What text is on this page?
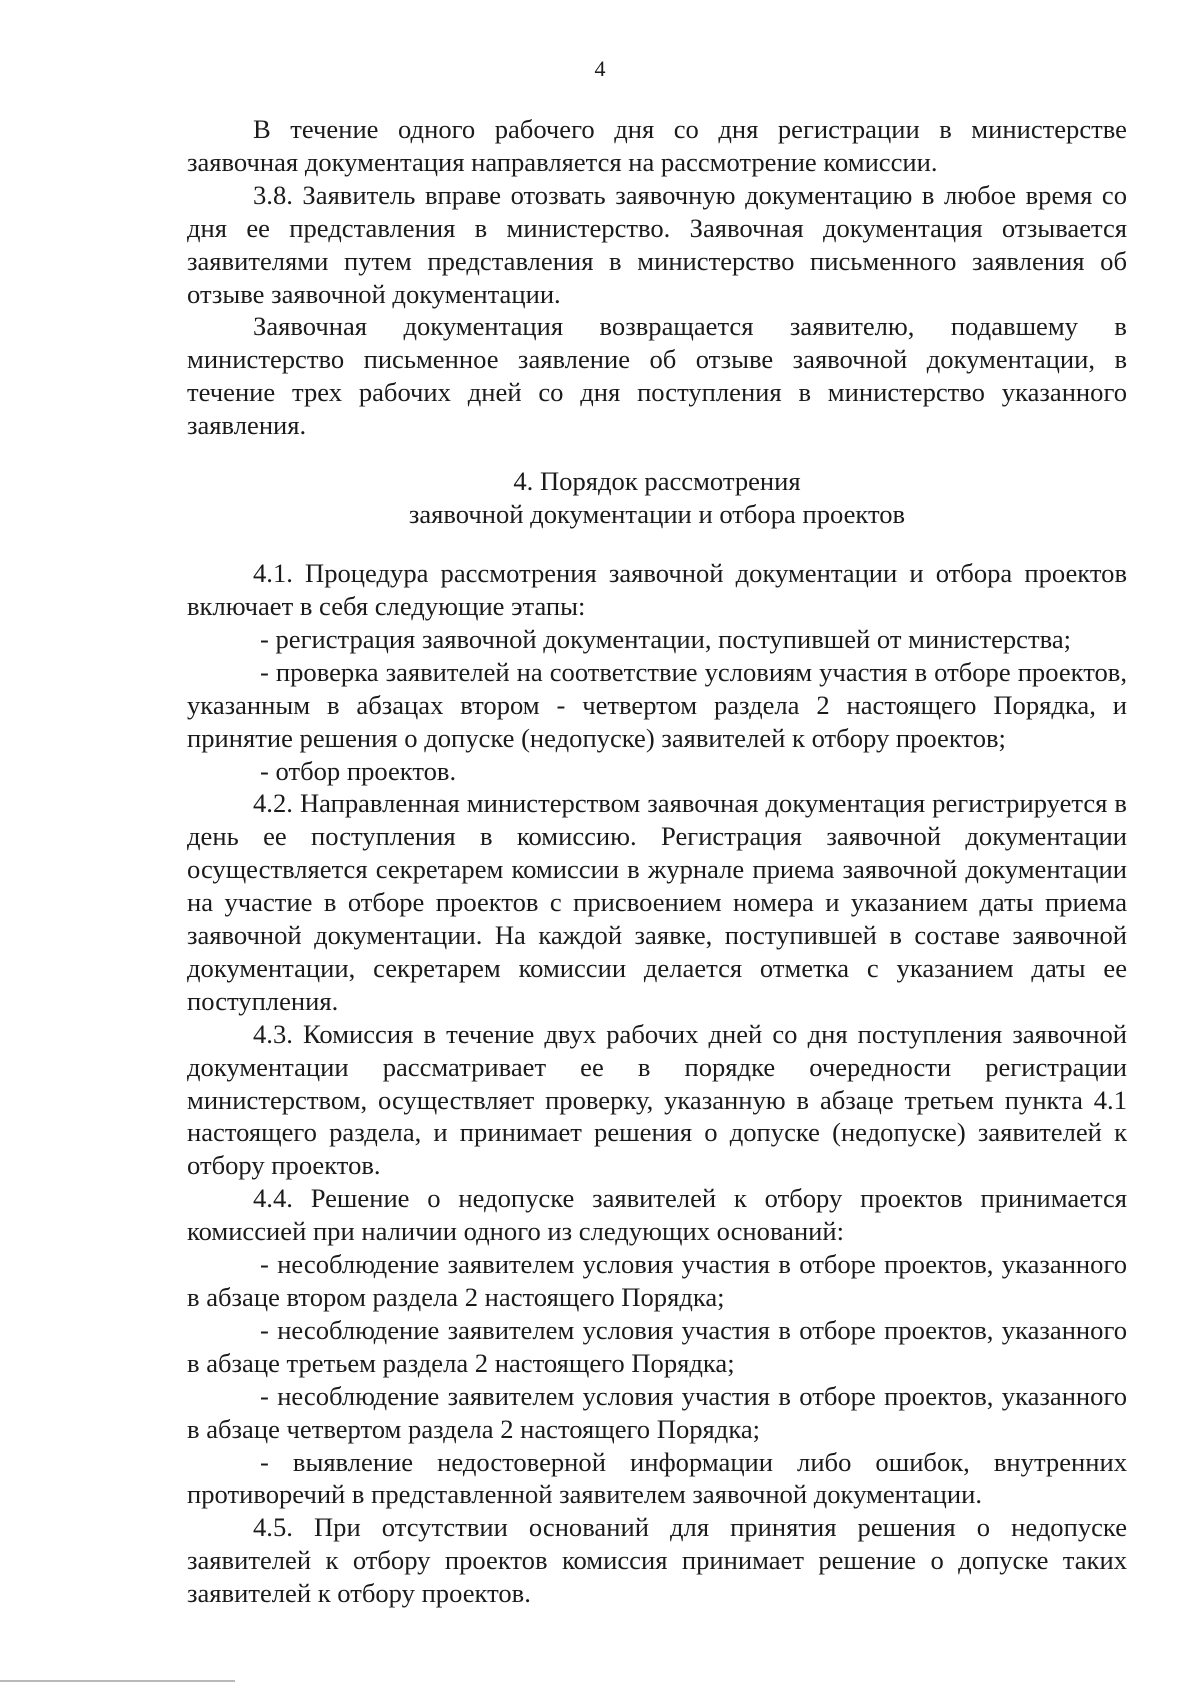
4

В течение одного рабочего дня со дня регистрации в министерстве заявочная документация направляется на рассмотрение комиссии.

3.8. Заявитель вправе отозвать заявочную документацию в любое время со дня ее представления в министерство. Заявочная документация отзывается заявителями путем представления в министерство письменного заявления об отзыве заявочной документации.

Заявочная документация возвращается заявителю, подавшему в министерство письменное заявление об отзыве заявочной документации, в течение трех рабочих дней со дня поступления в министерство указанного заявления.

4. Порядок рассмотрения

заявочной документации и отбора проектов

4.1. Процедура рассмотрения заявочной документации и отбора проектов включает в себя следующие этапы:

- регистрация заявочной документации, поступившей от министерства;

- проверка заявителей на соответствие условиям участия в отборе проектов, указанным в абзацах втором - четвертом раздела 2 настоящего Порядка, и принятие решения о допуске (недопуске) заявителей к отбору проектов;

- отбор проектов.

4.2. Направленная министерством заявочная документация регистрируется в день ее поступления в комиссию. Регистрация заявочной документации осуществляется секретарем комиссии в журнале приема заявочной документации на участие в отборе проектов с присвоением номера и указанием даты приема заявочной документации. На каждой заявке, поступившей в составе заявочной документации, секретарем комиссии делается отметка с указанием даты ее поступления.

4.3. Комиссия в течение двух рабочих дней со дня поступления заявочной документации рассматривает ее в порядке очередности регистрации министерством, осуществляет проверку, указанную в абзаце третьем пункта 4.1 настоящего раздела, и принимает решения о допуске (недопуске) заявителей к отбору проектов.

4.4. Решение о недопуске заявителей к отбору проектов принимается комиссией при наличии одного из следующих оснований:

- несоблюдение заявителем условия участия в отборе проектов, указанного в абзаце втором раздела 2 настоящего Порядка;

- несоблюдение заявителем условия участия в отборе проектов, указанного в абзаце третьем раздела 2 настоящего Порядка;

- несоблюдение заявителем условия участия в отборе проектов, указанного в абзаце четвертом раздела 2 настоящего Порядка;

- выявление недостоверной информации либо ошибок, внутренних противоречий в представленной заявителем заявочной документации.

4.5. При отсутствии оснований для принятия решения о недопуске заявителей к отбору проектов комиссия принимает решение о допуске таких заявителей к отбору проектов.
